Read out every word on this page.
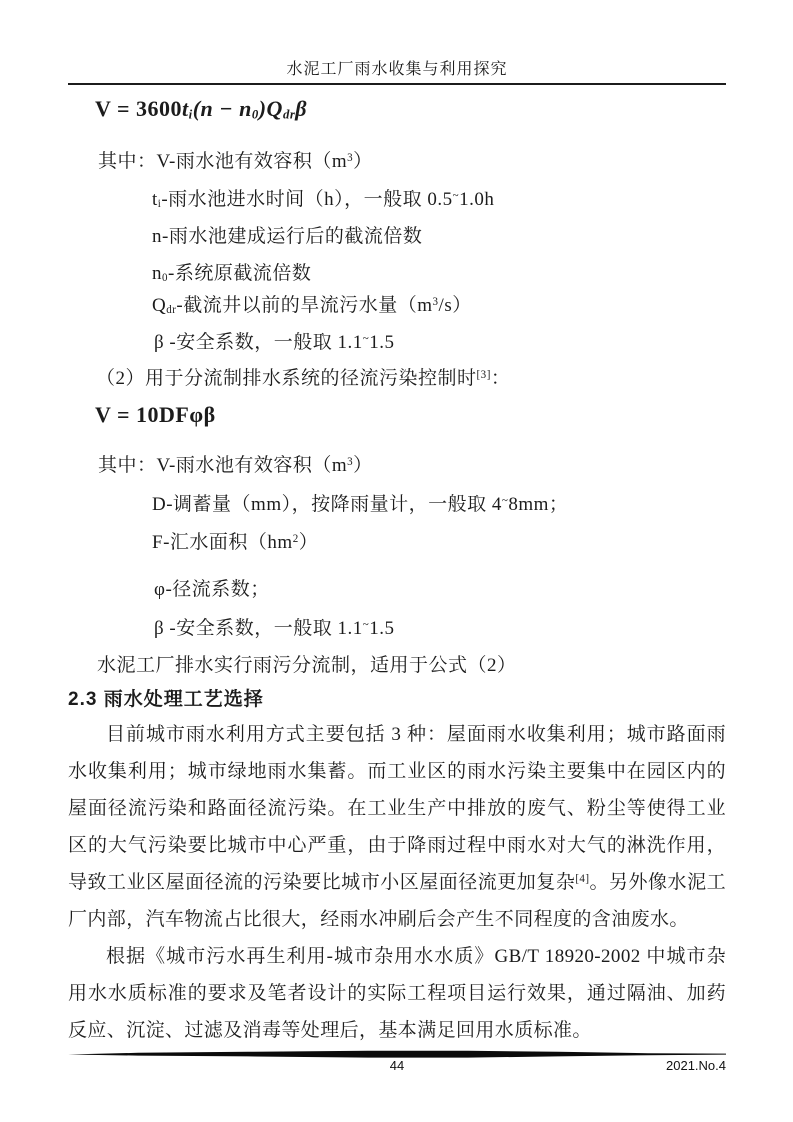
水泥工厂雨水收集与利用探究
$V = 3600t_i(n - n_0)Q_{dr}\beta$
其中：V-雨水池有效容积$(m^3)$
$t_i-$雨水池进水时间（h），一般取 0.5~1.0h
n-雨水池建成运行后的截流倍数
$n_0-$系统原截流倍数
$Q_{dr}-$截流井以前的旱流污水量$(m^3/s)$
β -安全系数，一般取 1.1~1.5
（2）用于分流制排水系统的径流污染控制时[3]：
V = 10DFφβ
其中：V-雨水池有效容积$(m^3)$
D-调蓄量（mm），按降雨量计，一般取 4~8mm；
F-汇水面积$(hm^2)$
φ-径流系数；
β -安全系数，一般取 1.1~1.5
水泥工厂排水实行雨污分流制，适用于公式（2）
2.3 雨水处理工艺选择
目前城市雨水利用方式主要包括 3 种：屋面雨水收集利用；城市路面雨水收集利用；城市绿地雨水集蓄。而工业区的雨水污染主要集中在园区内的屋面径流污染和路面径流污染。在工业生产中排放的废气、粉尘等使得工业区的大气污染要比城市中心严重，由于降雨过程中雨水对大气的淋洗作用，导致工业区屋面径流的污染要比城市小区屋面径流更加复杂[4]。另外像水泥工厂内部，汽车物流占比很大，经雨水冲刷后会产生不同程度的含油废水。
根据《城市污水再生利用-城市杂用水水质》GB/T 18920-2002 中城市杂用水水质标准的要求及笔者设计的实际工程项目运行效果，通过隔油、加药反应、沉淀、过滤及消毒等处理后，基本满足回用水质标准。
44	2021.No.4
